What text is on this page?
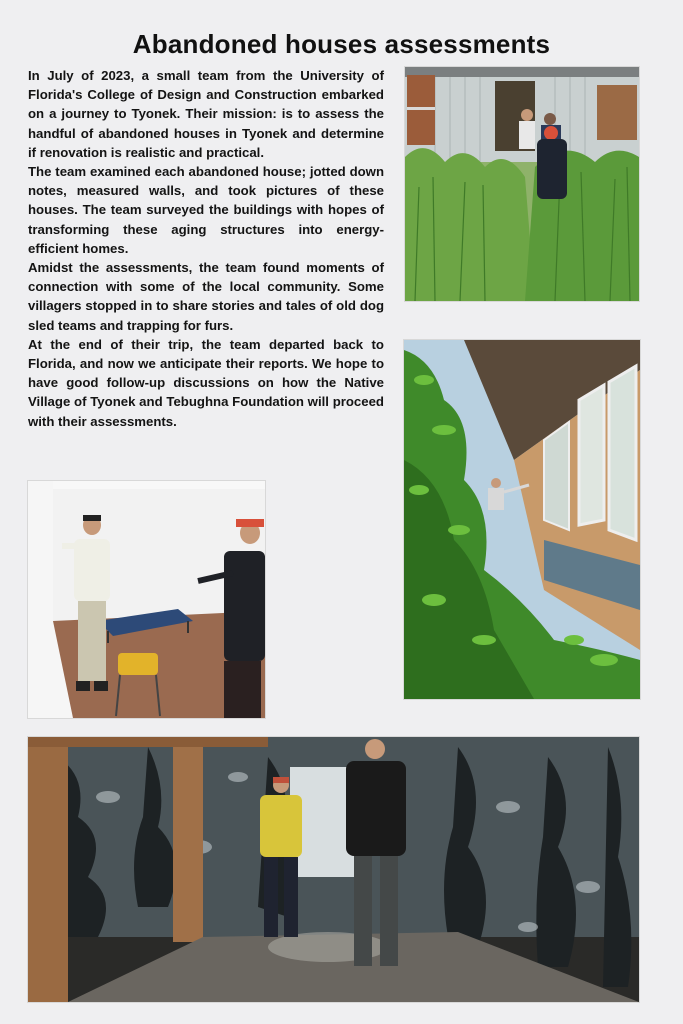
Abandoned houses assessments

In July of 2023, a small team from the University of Florida's College of Design and Construction embarked on a journey to Tyonek. Their mission: is to assess the handful of abandoned houses in Tyonek and determine if renovation is realistic and practical.

The team examined each abandoned house; jotted down notes, measured walls, and took pictures of these houses. The team surveyed the buildings with hopes of transforming these aging structures into energy-efficient homes.

Amidst the assessments, the team found moments of connection with some of the local community. Some villagers stopped in to share stories and tales of old dog sled teams and trapping for furs.

At the end of their trip, the team departed back to Florida, and now we anticipate their reports. We hope to have good follow-up discussions on how the Native Village of Tyonek and Tebughna Foundation will proceed with their assessments.
